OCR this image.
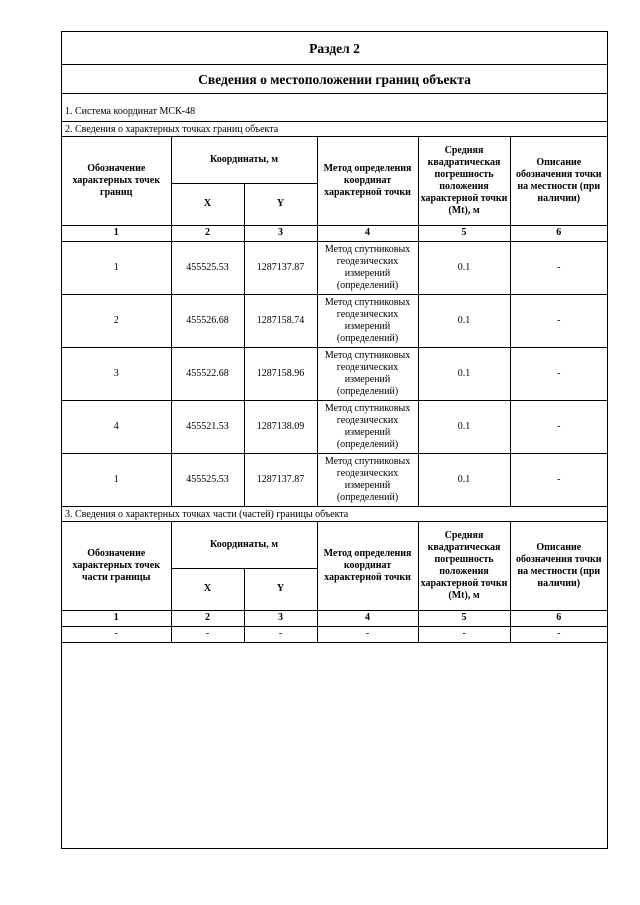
Раздел 2
Сведения о местоположении границ объекта
1. Система координат МСК-48
2. Сведения о характерных точках границ объекта
Обозначение характерных точек границ	Координаты, м		Метод определения координат характерной точки	Средняя квадратическая погрешность положения характерной точки (Mt), м	Описание обозначения точки на местности (при наличии)
	X	Y			
1	2	3	4	5	6
1	455525.53	1287137.87	Метод спутниковых геодезических измерений (определений)	0.1	-
2	455526.68	1287158.74	Метод спутниковых геодезических измерений (определений)	0.1	-
3	455522.68	1287158.96	Метод спутниковых геодезических измерений (определений)	0.1	-
4	455521.53	1287138.09	Метод спутниковых геодезических измерений (определений)	0.1	-
1	455525.53	1287137.87	Метод спутниковых геодезических измерений (определений)	0.1	-
3. Сведения о характерных точках части (частей) границы объекта
Обозначение характерных точек части границы	Координаты, м		Метод определения координат характерной точки	Средняя квадратическая погрешность положения характерной точки (Mt), м	Описание обозначения точки на местности (при наличии)
	X	Y			
1	2	3	4	5	6
-	-	-	-	-	-
